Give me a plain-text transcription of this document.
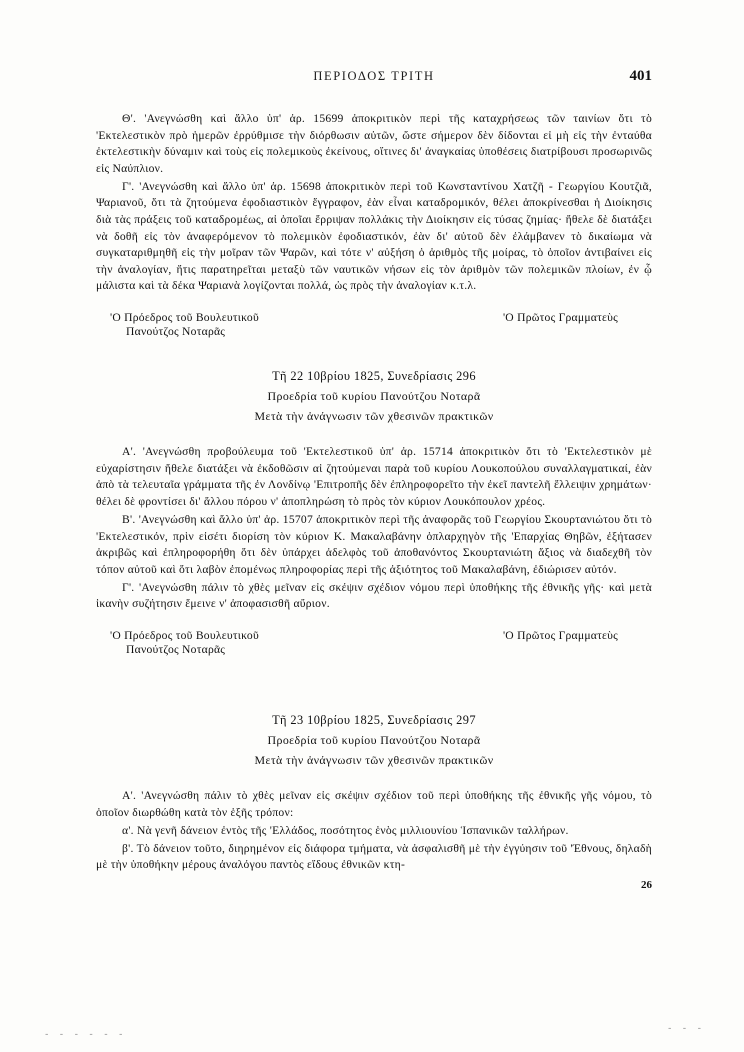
ΠΕΡΙΟΔΟΣ ΤΡΙΤΗ	401

Θ'. 'Ανεγνώσθη καὶ ἄλλο ὑπ' ἀρ. 15699 ἀποκριτικὸν περὶ τῆς καταχρήσεως τῶν ταινίων ὅτι τὸ 'Εκτελεστικὸν πρὸ ἡμερῶν ἐρρύθμισε τὴν διόρθωσιν αὐτῶν, ὥστε σήμερον δὲν δίδονται εἰ μὴ εἰς τὴν ἐνταύθα ἐκτελεστικὴν δύναμιν καὶ τοὺς εἰς πολεμικοὺς ἐκείνους, οἵτινες δι' ἀναγκαίας ὑποθέσεις διατρίβουσι προσωρινῶς εἰς Ναύπλιον.

Γ'. 'Ανεγνώσθη καὶ ἄλλο ὑπ' ἀρ. 15698 ἀποκριτικὸν περὶ τοῦ Κωνσταντίνου Χατζῆ - Γεωργίου Κουτζιᾶ, Ψαριανοῦ, ὅτι τὰ ζητούμενα ἐφοδιαστικὸν ἔγγραφον, ἐὰν εἶναι καταδρομικόν, θέλει ἀποκρίνεσθαι ἡ Διοίκησις διὰ τὰς πράξεις τοῦ καταδρομέως, αἱ ὁποῖαι ἔρριψαν πολλάκις τὴν Διοίκησιν εἰς τύσας ζημίας· ἤθελε δὲ διατάξει νὰ δοθῆ εἰς τὸν ἀναφερόμενον τὸ πολεμικὸν ἐφοδιαστικόν, ἐὰν δι' αὐτοῦ δὲν ἐλάμβανεν τὸ δικαίωμα νὰ συγκαταριθμηθῆ εἰς τὴν μοῖραν τῶν Ψαρῶν, καὶ τότε ν' αὐξήση ὁ ἀριθμὸς τῆς μοίρας, τὸ ὁποῖον ἀντιβαίνει εἰς τὴν ἀναλογίαν, ἥτις παρατηρεῖται μεταξὺ τῶν ναυτικῶν νήσων εἰς τὸν ἀριθμὸν τῶν πολεμικῶν πλοίων, ἐν ᾧ μάλιστα καὶ τὰ δέκα Ψαριανὰ λογίζονται πολλά, ὡς πρὸς τὴν ἀναλογίαν κ.τ.λ.

'Ο Πρόεδρος τοῦ Βουλευτικοῦ
Πανούτζος Νοταρᾶς
'Ο Πρῶτος Γραμματεὺς
Τῆ 22 10βρίου 1825, Συνεδρίασις 296
Προεδρία τοῦ κυρίου Πανούτζου Νοταρᾶ
Μετὰ τὴν ἀνάγνωσιν τῶν χθεσινῶν πρακτικῶν

Α'. 'Ανεγνώσθη προβούλευμα τοῦ 'Εκτελεστικοῦ ὑπ' ἀρ. 15714 ἀποκριτικὸν ὅτι τὸ 'Εκτελεστικὸν μὲ εὐχαρίστησιν ἤθελε διατάξει νὰ ἐκδοθῶσιν αἱ ζητούμεναι παρὰ τοῦ κυρίου Λουκοπούλου συναλλαγματικαί, ἐὰν ἀπὸ τὰ τελευταῖα γράμματα τῆς ἐν Λονδίνῳ 'Επιτροπῆς δὲν ἐπληροφορεῖτο τὴν ἐκεῖ παντελῆ ἔλλειψιν χρημάτων· θέλει δὲ φροντίσει δι' ἄλλου πόρου ν' ἀποπληρώση τὸ πρὸς τὸν κύριον Λουκόπουλον χρέος.

Β'. 'Ανεγνώσθη καὶ ἄλλο ὑπ' ἀρ. 15707 ἀποκριτικὸν περὶ τῆς ἀναφορᾶς τοῦ Γεωργίου Σκουρτανιώτου ὅτι τὸ 'Εκτελεστικόν, πρὶν εἰσέτι διορίση τὸν κύριον Κ. Μακαλαβάνην ὁπλαρχηγὸν τῆς 'Επαρχίας Θηβῶν, ἐξήτασεν ἀκριβῶς καὶ ἐπληροφορήθη ὅτι δὲν ὑπάρχει ἀδελφὸς τοῦ ἀποθανόντος Σκουρτανιώτη ἄξιος νὰ διαδεχθῆ τὸν τόπον αὐτοῦ καὶ ὅτι λαβὸν ἐπομένως πληροφορίας περὶ τῆς ἀξιότητος τοῦ Μακαλαβάνη, ἐδιώρισεν αὐτόν.

Γ'. 'Ανεγνώσθη πάλιν τὸ χθὲς μεῖναν εἰς σκέψιν σχέδιον νόμου περὶ ὑποθήκης τῆς ἐθνικῆς γῆς· καὶ μετὰ ἱκανὴν συζήτησιν ἔμεινε ν' ἀποφασισθῆ αὔριον.

'Ο Πρόεδρος τοῦ Βουλευτικοῦ
Πανούτζος Νοταρᾶς
'Ο Πρῶτος Γραμματεὺς
Τῆ 23 10βρίου 1825, Συνεδρίασις 297
Προεδρία τοῦ κυρίου Πανούτζου Νοταρᾶ
Μετὰ τὴν ἀνάγνωσιν τῶν χθεσινῶν πρακτικῶν

Α'. 'Ανεγνώσθη πάλιν τὸ χθὲς μεῖναν εἰς σκέψιν σχέδιον τοῦ περὶ ὑποθήκης τῆς ἐθνικῆς γῆς νόμου, τὸ ὁποῖον διωρθώθη κατὰ τὸν ἑξῆς τρόπον:

α'. Νὰ γενῆ δάνειον ἐντὸς τῆς 'Ελλάδος, ποσότητος ἑνὸς μιλλιουνίου Ἱσπανικῶν ταλλήρων.

β'. Τὸ δάνειον τοῦτο, διηρημένον εἰς διάφορα τμήματα, νὰ ἀσφαλισθῆ μὲ τὴν ἐγγύησιν τοῦ 'Έθνους, δηλαδὴ μὲ τὴν ὑποθήκην μέρους ἀναλόγου παντὸς εἴδους ἐθνικῶν κτη-

26
- - - - - -
- - -
